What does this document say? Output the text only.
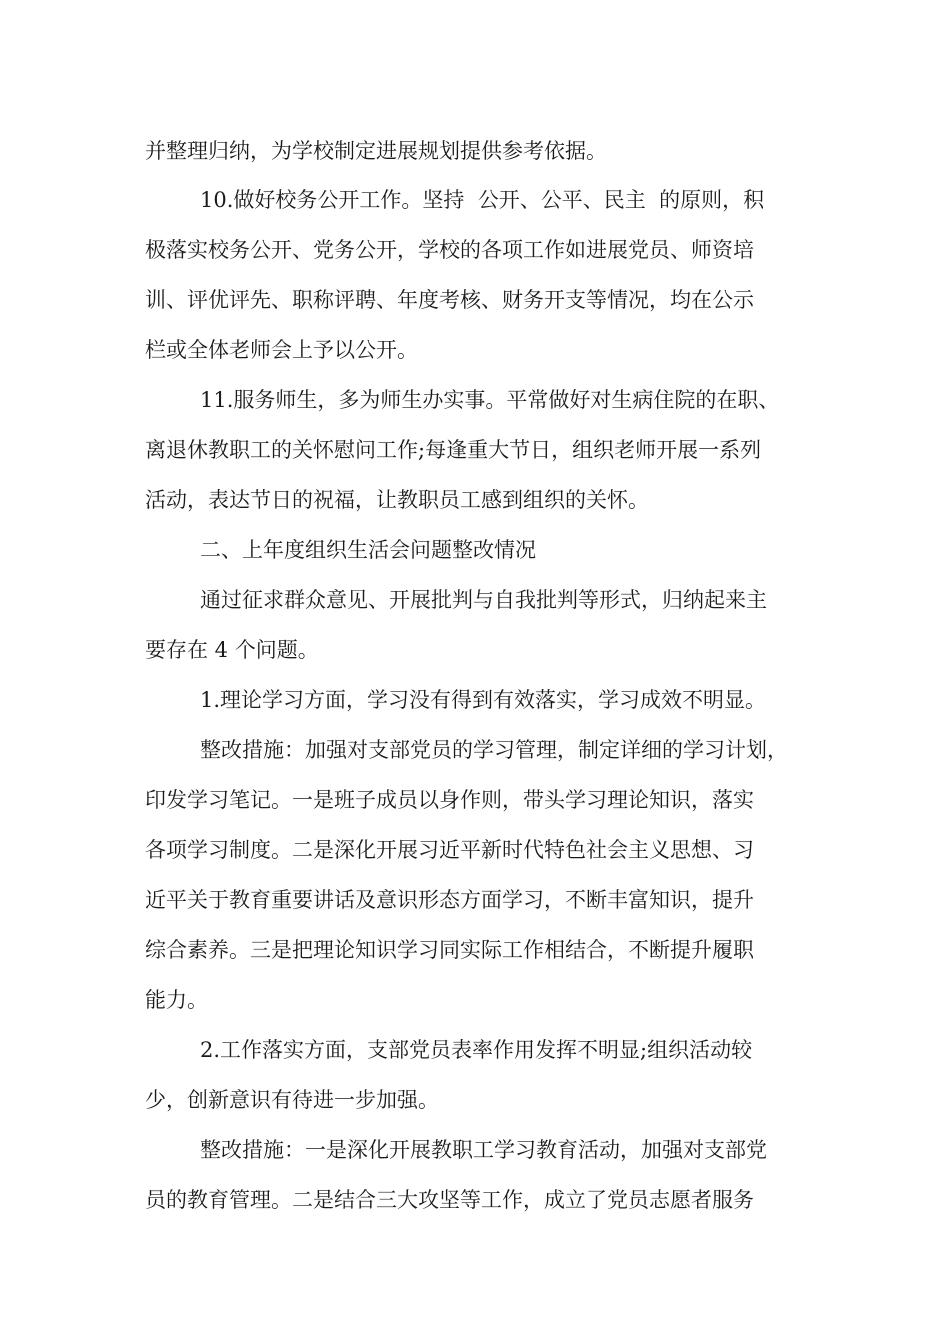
并整理归纳，为学校制定进展规划提供参考依据。
10.做好校务公开工作。坚持  公开、公平、民主  的原则，积
极落实校务公开、党务公开，学校的各项工作如进展党员、师资培
训、评优评先、职称评聘、年度考核、财务开支等情况，均在公示
栏或全体老师会上予以公开。
11.服务师生，多为师生办实事。平常做好对生病住院的在职、
离退休教职工的关怀慰问工作;每逢重大节日，组织老师开展一系列
活动，表达节日的祝福，让教职员工感到组织的关怀。
二、上年度组织生活会问题整改情况
通过征求群众意见、开展批判与自我批判等形式，归纳起来主
要存在 4 个问题。
1.理论学习方面，学习没有得到有效落实，学习成效不明显。
整改措施：加强对支部党员的学习管理，制定详细的学习计划，
印发学习笔记。一是班子成员以身作则，带头学习理论知识，落实
各项学习制度。二是深化开展习近平新时代特色社会主义思想、习
近平关于教育重要讲话及意识形态方面学习，不断丰富知识，提升
综合素养。三是把理论知识学习同实际工作相结合，不断提升履职
能力。
2.工作落实方面，支部党员表率作用发挥不明显;组织活动较
少，创新意识有待进一步加强。
整改措施：一是深化开展教职工学习教育活动，加强对支部党
员的教育管理。二是结合三大攻坚等工作，成立了党员志愿者服务
